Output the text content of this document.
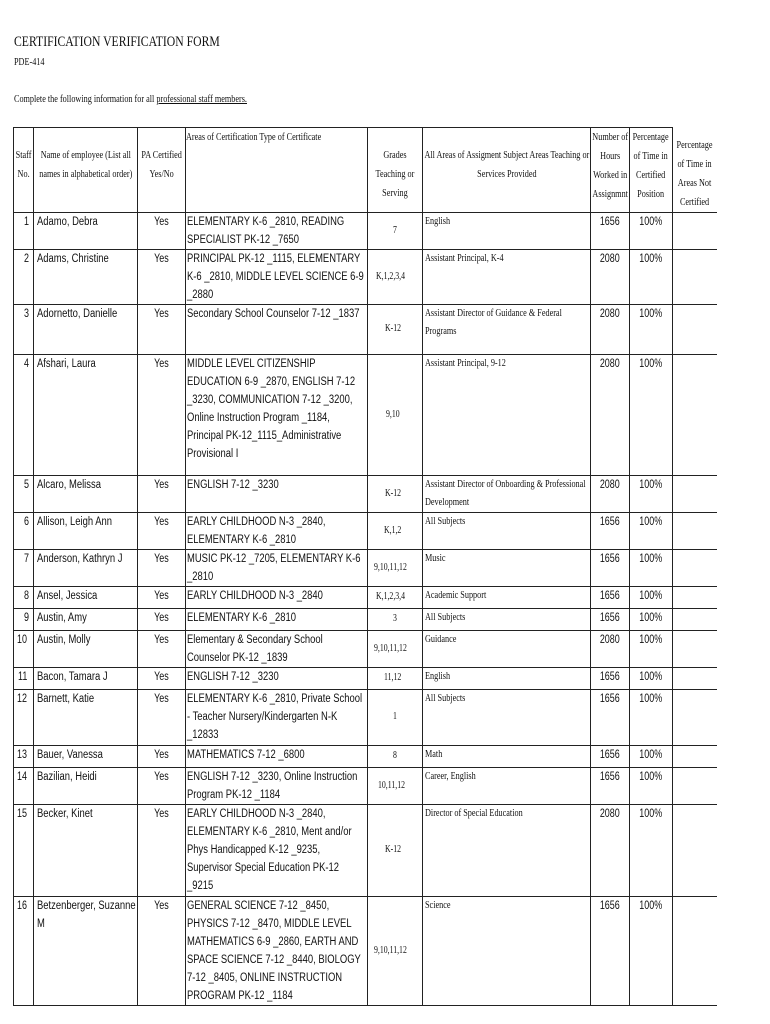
CERTIFICATION VERIFICATION FORM
PDE-414
Complete the following information for all professional staff members.
Staff No.	Name of employee (List all names in alphabetical order)	PA Certified Yes/No	Areas of Certification Type of Certificate	Grades Teaching or Serving	All Areas of Assigment Subject Areas Teaching or Services Provided	Number of Hours Worked in Assignmnt	Percentage of Time in Certified Position	Percentage of Time in Areas Not Certified

1	Adamo, Debra	Yes	ELEMENTARY K-6 _2810, READING SPECIALIST PK-12 _7650	7	English	1656	100%	
2	Adams, Christine	Yes	PRINCIPAL PK-12 _1115, ELEMENTARY K-6 _2810, MIDDLE LEVEL SCIENCE 6-9 _2880	K,1,2,3,4	Assistant Principal, K-4	2080	100%	
3	Adornetto, Danielle	Yes	Secondary School Counselor 7-12 _1837	K-12	Assistant Director of Guidance & Federal Programs	2080	100%	
4	Afshari, Laura	Yes	MIDDLE LEVEL CITIZENSHIP EDUCATION 6-9 _2870, ENGLISH 7-12 _3230, COMMUNICATION 7-12 _3200, Online Instruction Program _1184, Principal PK-12_1115_Administrative Provisional I	9,10	Assistant Principal, 9-12	2080	100%	
5	Alcaro, Melissa	Yes	ENGLISH 7-12 _3230	K-12	Assistant Director of Onboarding & Professional Development	2080	100%	
6	Allison, Leigh Ann	Yes	EARLY CHILDHOOD N-3 _2840, ELEMENTARY K-6 _2810	K,1,2	All Subjects	1656	100%	
7	Anderson, Kathryn J	Yes	MUSIC PK-12 _7205, ELEMENTARY K-6 _2810	9,10,11,12	Music	1656	100%	
8	Ansel, Jessica	Yes	EARLY CHILDHOOD N-3 _2840	K,1,2,3,4	Academic Support	1656	100%	
9	Austin, Amy	Yes	ELEMENTARY K-6 _2810	3	All Subjects	1656	100%	
10	Austin, Molly	Yes	Elementary & Secondary School Counselor PK-12 _1839	9,10,11,12	Guidance	2080	100%	
11	Bacon, Tamara J	Yes	ENGLISH 7-12 _3230	11,12	English	1656	100%	
12	Barnett, Katie	Yes	ELEMENTARY K-6 _2810, Private School - Teacher Nursery/Kindergarten N-K _12833	1	All Subjects	1656	100%	
13	Bauer, Vanessa	Yes	MATHEMATICS 7-12 _6800	8	Math	1656	100%	
14	Bazilian, Heidi	Yes	ENGLISH 7-12 _3230, Online Instruction Program PK-12 _1184	10,11,12	Career, English	1656	100%	
15	Becker, Kinet	Yes	EARLY CHILDHOOD N-3 _2840, ELEMENTARY K-6 _2810, Ment and/or Phys Handicapped K-12 _9235, Supervisor Special Education PK-12 _9215	K-12	Director of Special Education	2080	100%	
16	Betzenberger, Suzanne M	Yes	GENERAL SCIENCE 7-12 _8450, PHYSICS 7-12 _8470, MIDDLE LEVEL MATHEMATICS 6-9 _2860, EARTH AND SPACE SCIENCE 7-12 _8440, BIOLOGY 7-12 _8405, ONLINE INSTRUCTION PROGRAM PK-12 _1184	9,10,11,12	Science	1656	100%	
